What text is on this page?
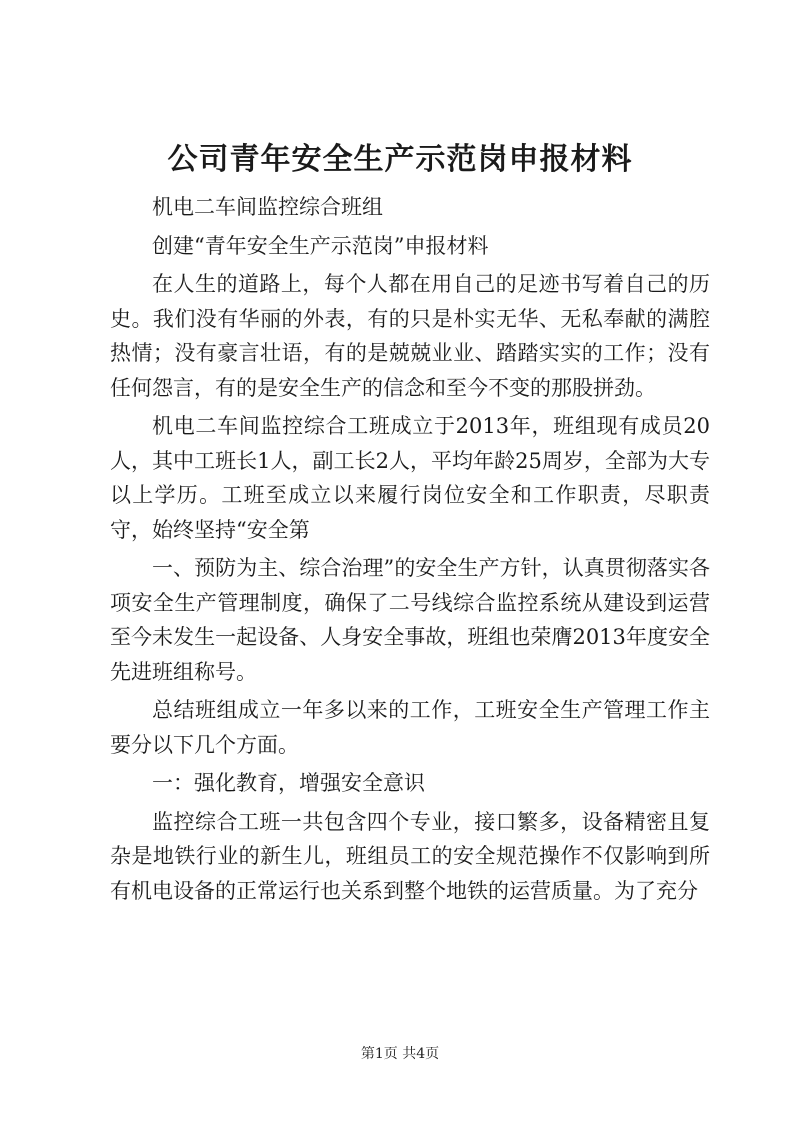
公司青年安全生产示范岗申报材料

机电二车间监控综合班组

创建“青年安全生产示范岗”申报材料

在人生的道路上，每个人都在用自己的足迹书写着自己的历史。我们没有华丽的外表，有的只是朴实无华、无私奉献的满腔热情；没有豪言壮语，有的是兢兢业业、踏踏实实的工作；没有任何怨言，有的是安全生产的信念和至今不变的那股拼劲。

机电二车间监控综合工班成立于2013年，班组现有成员20人，其中工班长1人，副工长2人，平均年龄25周岁，全部为大专以上学历。工班至成立以来履行岗位安全和工作职责，尽职责守，始终坚持“安全第

一、预防为主、综合治理”的安全生产方针，认真贯彻落实各项安全生产管理制度，确保了二号线综合监控系统从建设到运营至今未发生一起设备、人身安全事故，班组也荣膺2013年度安全先进班组称号。

总结班组成立一年多以来的工作，工班安全生产管理工作主要分以下几个方面。

一：强化教育，增强安全意识

监控综合工班一共包含四个专业，接口繁多，设备精密且复杂是地铁行业的新生儿，班组员工的安全规范操作不仅影响到所有机电设备的正常运行也关系到整个地铁的运营质量。为了充分

第1页 共4页
